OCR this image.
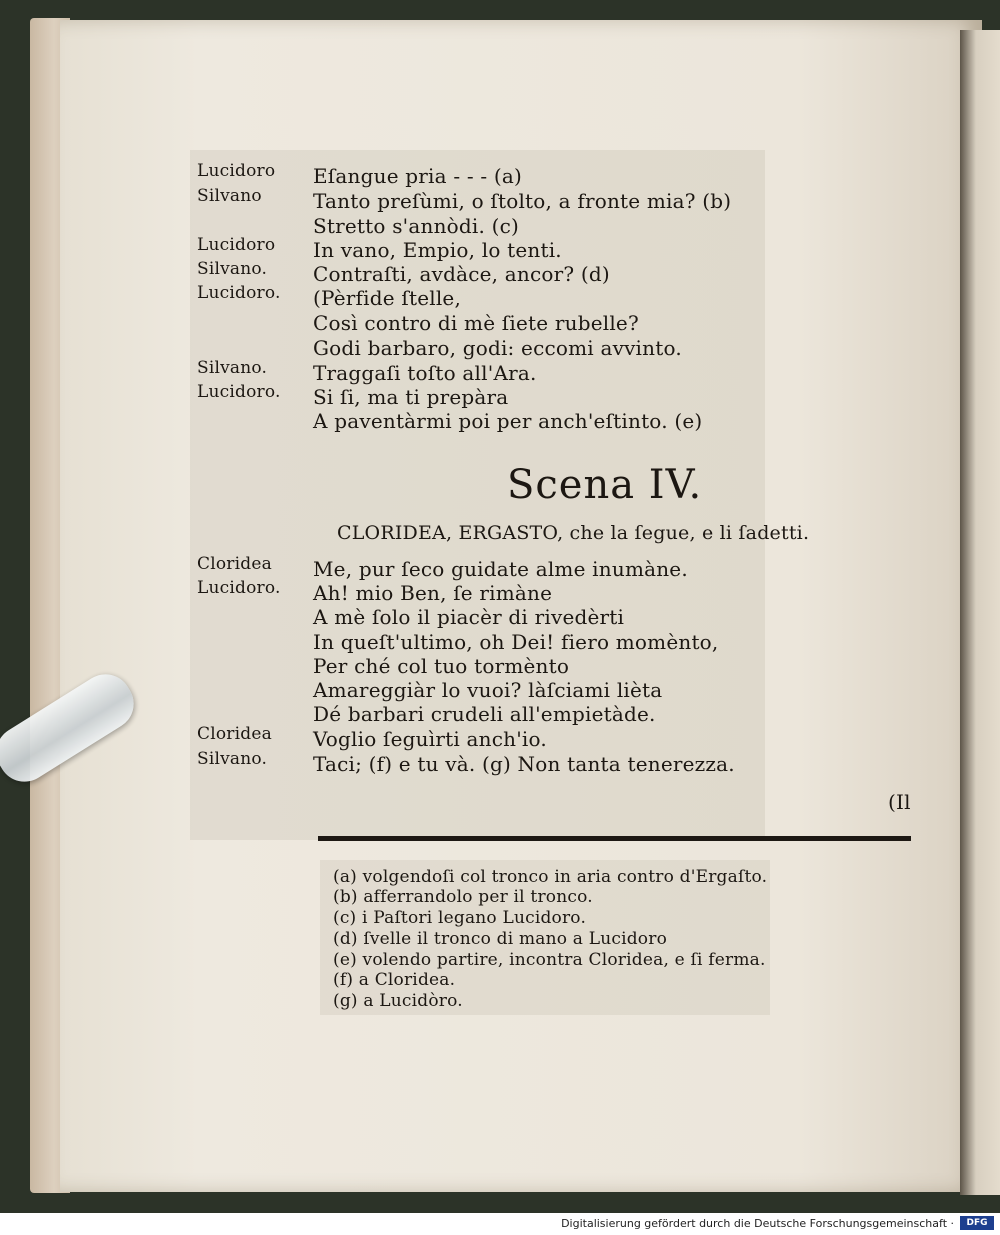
Lucidoro Eſangue pria - - - (a)
Silvano	Tanto preſùmi, o ſtolto, a fronte mia? (b)
Stretto s'annòdi. (c)
Lucidoro In vano, Empio, lo tenti.
Silvano. Contraſti, avdàce, ancor? (d)
Lucidoro. (Pèrfide ſtelle,
Così contro di mè ſiete rubelle?
Godi barbaro, godi: eccomi avvinto.
Silvano. Traggaſi toſto all'Ara.
Lucidoro. Si ſi, ma ti prepàra
A paventàrmi poi per anch'eſtinto. (e)
Scena IV.
CLORIDEA, ERGASTO, che la ſegue, e li ſadetti.
Cloridea Me, pur ſeco guidate alme inumàne.
Lucidoro. Ah! mio Ben, ſe rimàne
A mè ſolo il piacèr di rivedèrti
In queſt'ultimo, oh Dei! fiero momènto,
Per ché col tuo tormènto
Amareggiàr lo vuoi? làſciami lièta
Dé barbari crudeli all'empietàde.
Cloridea Voglio ſeguìrti anch'io.
Silvano. Taci; (f) e tu và. (g) Non tanta tenerezza.
(Il
(a) volgendoſi col tronco in aria contro d'Ergaſto.
(b) afferrandolo per il tronco.
(c) i Paſtori legano Lucidoro.
(d) ſvelle il tronco di mano a Lucidoro
(e) volendo partire, incontra Cloridea, e ſi ferma.
(f) a Cloridea.
(g) a Lucidòro.
Digitalisierung gefördert durch die Deutsche Forschungsgemeinschaft ·	DFG
